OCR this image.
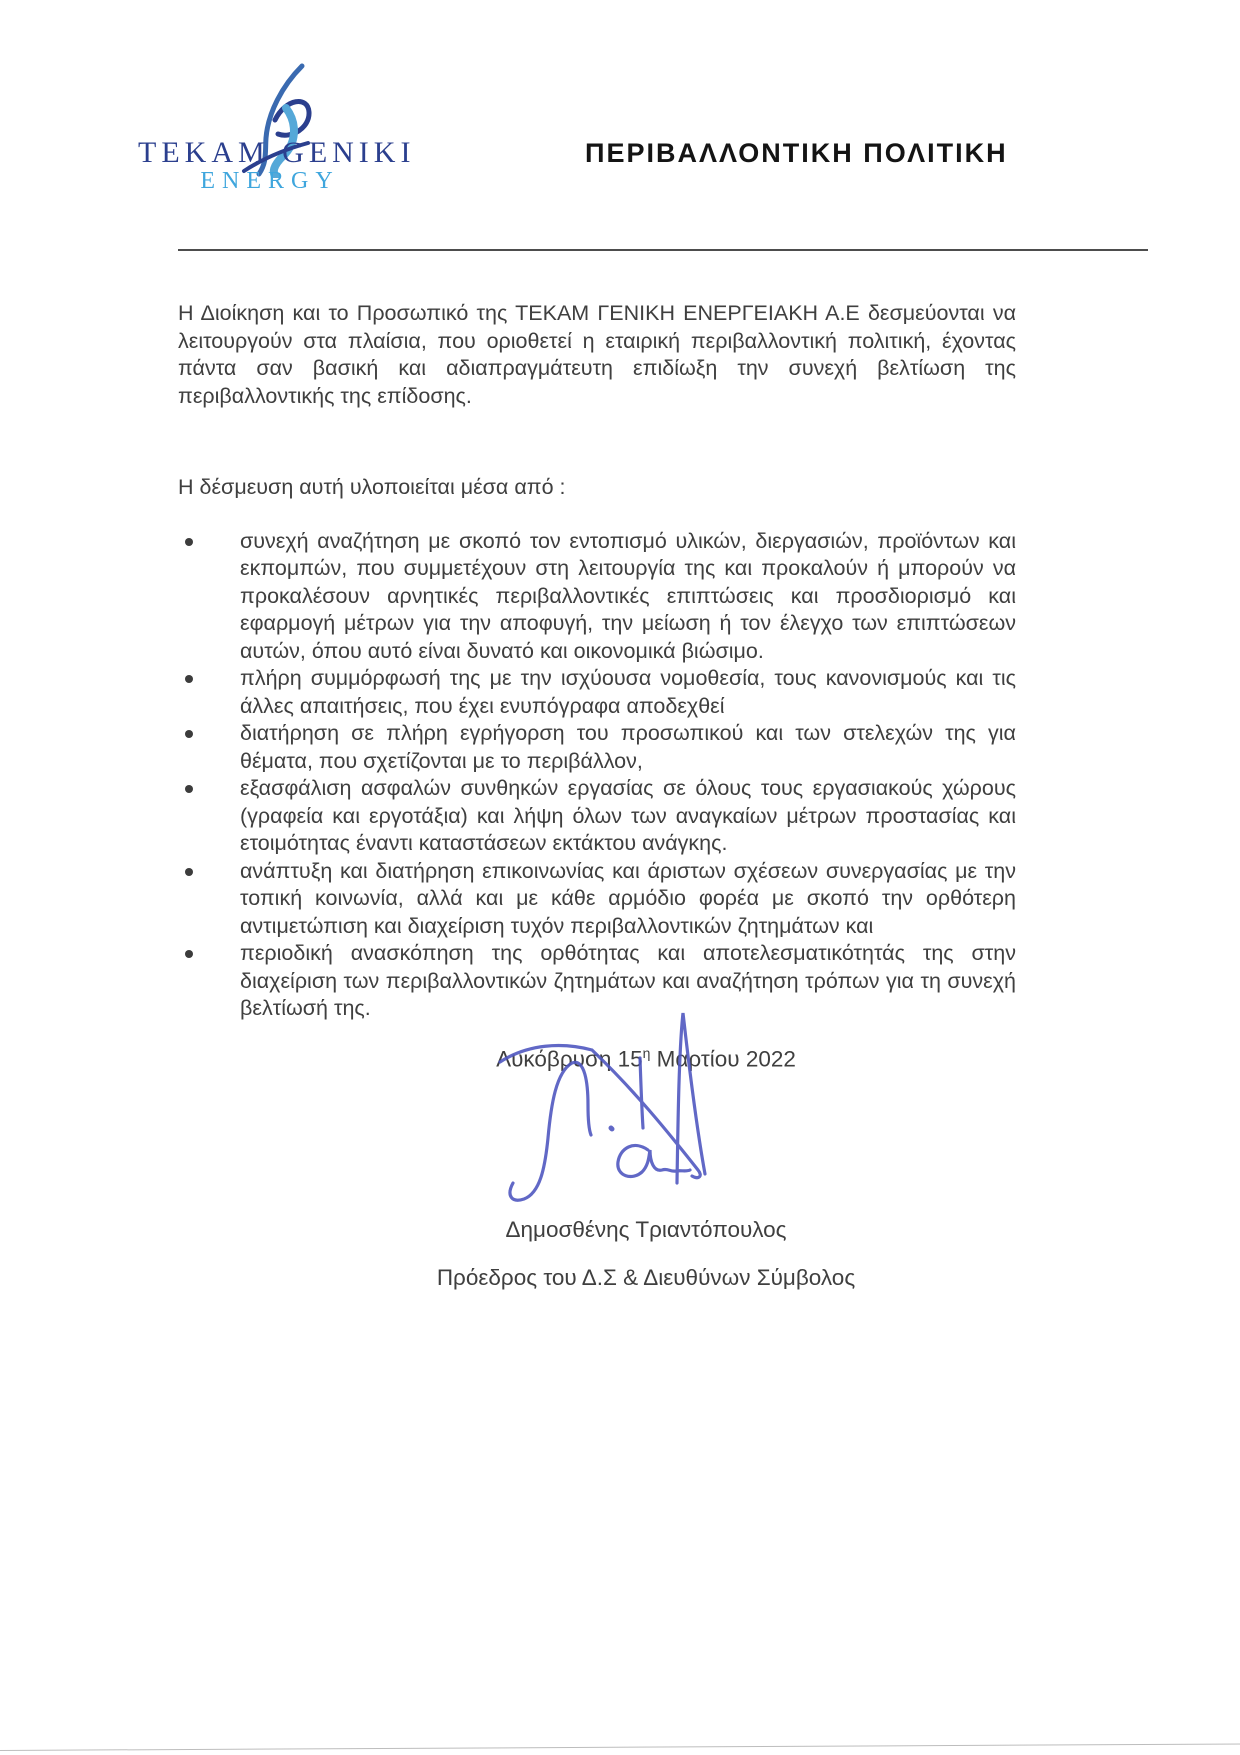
TEKAM GENIKI
ENERGY
ΠΕΡΙΒΑΛΛΟΝΤΙΚΗ ΠΟΛΙΤΙΚΗ

Η Διοίκηση και το Προσωπικό της ΤΕΚΑΜ ΓΕΝΙΚΗ ΕΝΕΡΓΕΙΑΚΗ Α.Ε δεσμεύονται να λειτουργούν στα πλαίσια, που οριοθετεί η εταιρική περιβαλλοντική πολιτική, έχοντας πάντα σαν βασική και αδιαπραγμάτευτη επιδίωξη την συνεχή βελτίωση της περιβαλλοντικής της επίδοσης.

Η δέσμευση αυτή υλοποιείται μέσα από :

συνεχή αναζήτηση με σκοπό τον εντοπισμό υλικών, διεργασιών, προϊόντων και εκπομπών, που συμμετέχουν στη λειτουργία της και προκαλούν ή μπορούν να προκαλέσουν αρνητικές περιβαλλοντικές επιπτώσεις και προσδιορισμό και εφαρμογή μέτρων για την αποφυγή, την μείωση ή τον έλεγχο των επιπτώσεων αυτών, όπου αυτό είναι δυνατό και οικονομικά βιώσιμο.
πλήρη συμμόρφωσή της με την ισχύουσα νομοθεσία, τους κανονισμούς και τις άλλες απαιτήσεις, που έχει ενυπόγραφα αποδεχθεί
διατήρηση σε πλήρη εγρήγορση του προσωπικού και των στελεχών της για θέματα, που σχετίζονται με το περιβάλλον,
εξασφάλιση ασφαλών συνθηκών εργασίας σε όλους τους εργασιακούς χώρους (γραφεία και εργοτάξια) και λήψη όλων των αναγκαίων μέτρων προστασίας και ετοιμότητας έναντι καταστάσεων εκτάκτου ανάγκης.
ανάπτυξη και διατήρηση επικοινωνίας και άριστων σχέσεων συνεργασίας με την τοπική κοινωνία, αλλά και με κάθε αρμόδιο φορέα με σκοπό την ορθότερη αντιμετώπιση και διαχείριση τυχόν περιβαλλοντικών ζητημάτων και
περιοδική ανασκόπηση της ορθότητας και αποτελεσματικότητάς της στην διαχείριση των περιβαλλοντικών ζητημάτων και αναζήτηση τρόπων για τη συνεχή βελτίωσή της.
Λυκόβρυση $15^\eta$ Μαρτίου 2022
Δημοσθένης Τριαντόπουλος
Πρόεδρος του Δ.Σ & Διευθύνων Σύμβολος
